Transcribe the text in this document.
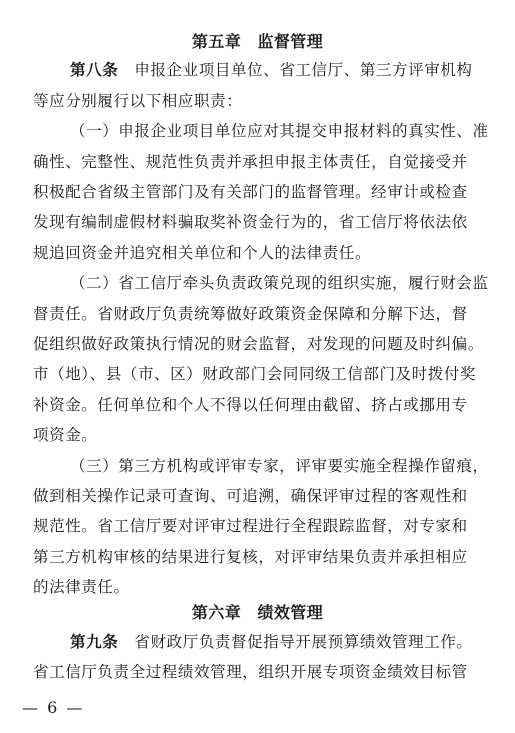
第五章　监督管理
第八条　 申报企业项目单位、省工信厅、第三方评审机构
等应分别履行以下相应职责：
（一）申报企业项目单位应对其提交申报材料的真实性、准
确性、完整性、规范性负责并承担申报主体责任，自觉接受并
积极配合省级主管部门及有关部门的监督管理。经审计或检查
发现有编制虚假材料骗取奖补资金行为的，省工信厅将依法依
规追回资金并追究相关单位和个人的法律责任。
（二）省工信厅牵头负责政策兑现的组织实施，履行财会监
督责任。省财政厅负责统筹做好政策资金保障和分解下达，督
促组织做好政策执行情况的财会监督，对发现的问题及时纠偏。
市（地）、县（市、区）财政部门会同同级工信部门及时拨付奖
补资金。任何单位和个人不得以任何理由截留、挤占或挪用专
项资金。
（三）第三方机构或评审专家，评审要实施全程操作留痕，
做到相关操作记录可查询、可追溯，确保评审过程的客观性和
规范性。省工信厅要对评审过程进行全程跟踪监督，对专家和
第三方机构审核的结果进行复核，对评审结果负责并承担相应
的法律责任。
第六章　绩效管理
第九条　 省财政厅负责督促指导开展预算绩效管理工作。
省工信厅负责全过程绩效管理，组织开展专项资金绩效目标管
— 6 —
